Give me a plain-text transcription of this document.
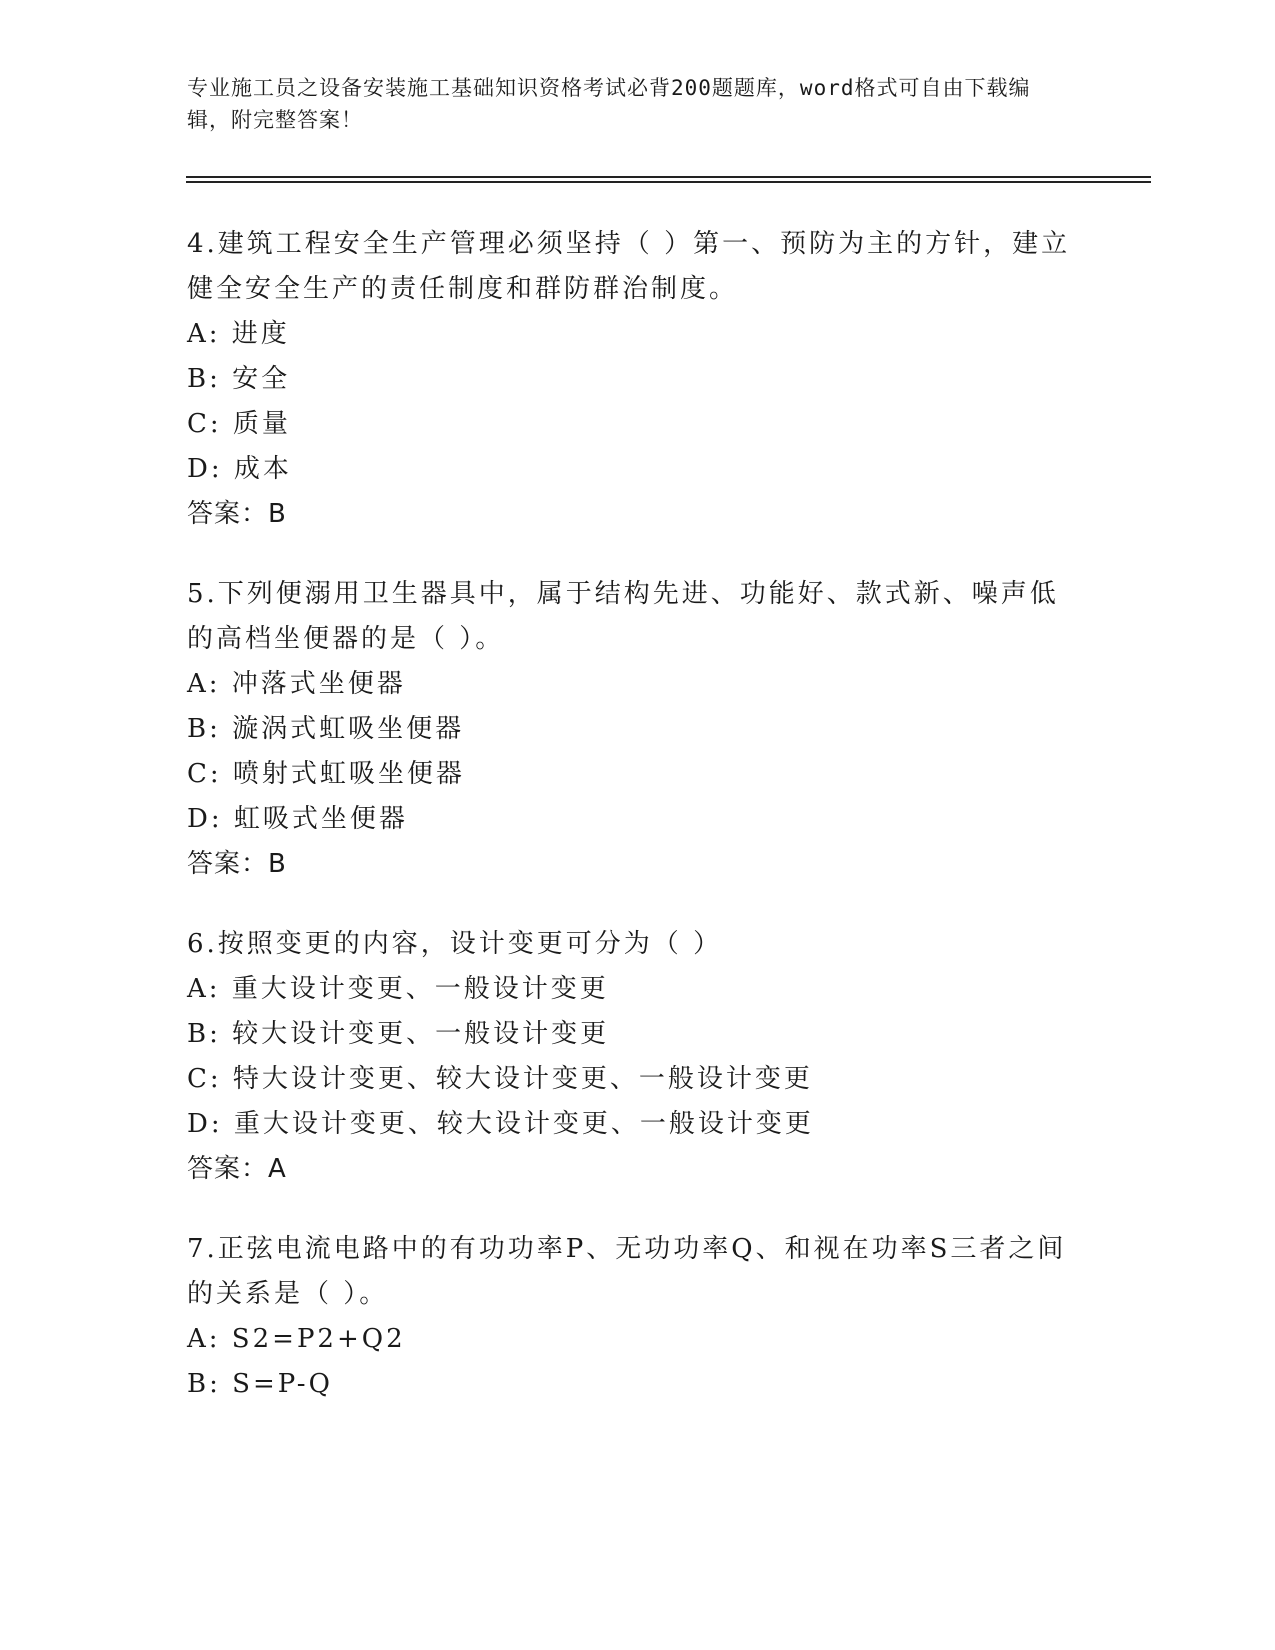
专业施工员之设备安装施工基础知识资格考试必背200题题库，word格式可自由下载编辑，附完整答案！

4.建筑工程安全生产管理必须坚持（ ）第一、预防为主的方针，建立健全安全生产的责任制度和群防群治制度。

A: 进度

B: 安全

C: 质量

D: 成本

答案：B

5.下列便溺用卫生器具中，属于结构先进、功能好、款式新、噪声低的高档坐便器的是（ ）。

A: 冲落式坐便器

B: 漩涡式虹吸坐便器

C: 喷射式虹吸坐便器

D: 虹吸式坐便器

答案：B

6.按照变更的内容，设计变更可分为（ ）

A: 重大设计变更、一般设计变更

B: 较大设计变更、一般设计变更

C: 特大设计变更、较大设计变更、一般设计变更

D: 重大设计变更、较大设计变更、一般设计变更

答案：A

7.正弦电流电路中的有功功率P、无功功率Q、和视在功率S三者之间的关系是（ ）。

A: S2=P2+Q2

B: S=P-Q
